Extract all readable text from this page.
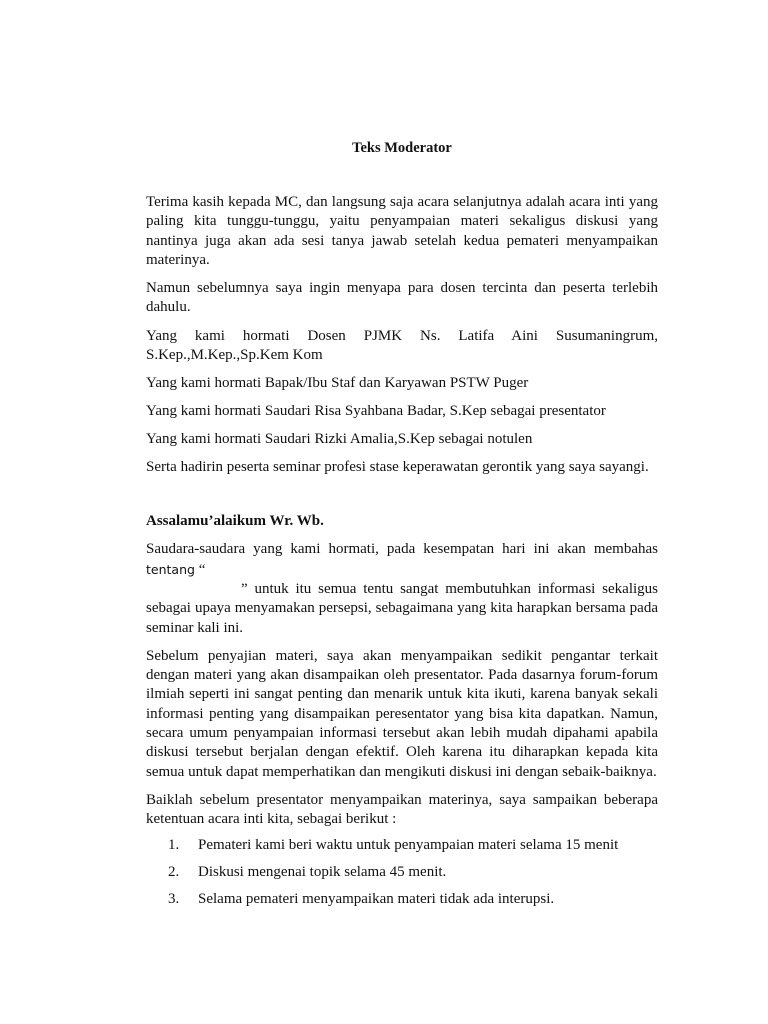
Teks Moderator

Terima kasih kepada MC, dan langsung saja acara selanjutnya adalah acara inti yang paling kita tunggu-tunggu, yaitu penyampaian materi sekaligus diskusi yang nantinya juga akan ada sesi tanya jawab setelah kedua pemateri menyampaikan materinya.

Namun sebelumnya saya ingin menyapa para dosen tercinta dan peserta terlebih dahulu.

Yang kami hormati Dosen PJMK Ns. Latifa Aini Susumaningrum,

S.Kep.,M.Kep.,Sp.Kem Kom

Yang kami hormati Bapak/Ibu Staf dan Karyawan PSTW Puger

Yang kami hormati Saudari Risa Syahbana Badar, S.Kep sebagai presentator

Yang kami hormati Saudari Rizki Amalia,S.Kep sebagai notulen

Serta hadirin peserta seminar profesi stase keperawatan gerontik yang saya sayangi.

Assalamu’alaikum Wr. Wb.

Saudara-saudara yang kami hormati, pada kesempatan hari ini akan membahas

tentang “

” untuk itu semua tentu sangat membutuhkan informasi sekaligus sebagai upaya menyamakan persepsi, sebagaimana yang kita harapkan bersama pada seminar kali ini.

Sebelum penyajian materi, saya akan menyampaikan sedikit pengantar terkait dengan materi yang akan disampaikan oleh presentator. Pada dasarnya forum-forum ilmiah seperti ini sangat penting dan menarik untuk kita ikuti, karena banyak sekali informasi penting yang disampaikan peresentator yang bisa kita dapatkan. Namun, secara umum penyampaian informasi tersebut akan lebih mudah dipahami apabila diskusi tersebut berjalan dengan efektif. Oleh karena itu diharapkan kepada kita semua untuk dapat memperhatikan dan mengikuti diskusi ini dengan sebaik-baiknya.

Baiklah sebelum presentator menyampaikan materinya, saya sampaikan beberapa ketentuan acara inti kita, sebagai berikut :

1. Pemateri kami beri waktu untuk penyampaian materi selama 15 menit
2. Diskusi mengenai topik selama 45 menit.
3. Selama pemateri menyampaikan materi tidak ada interupsi.
